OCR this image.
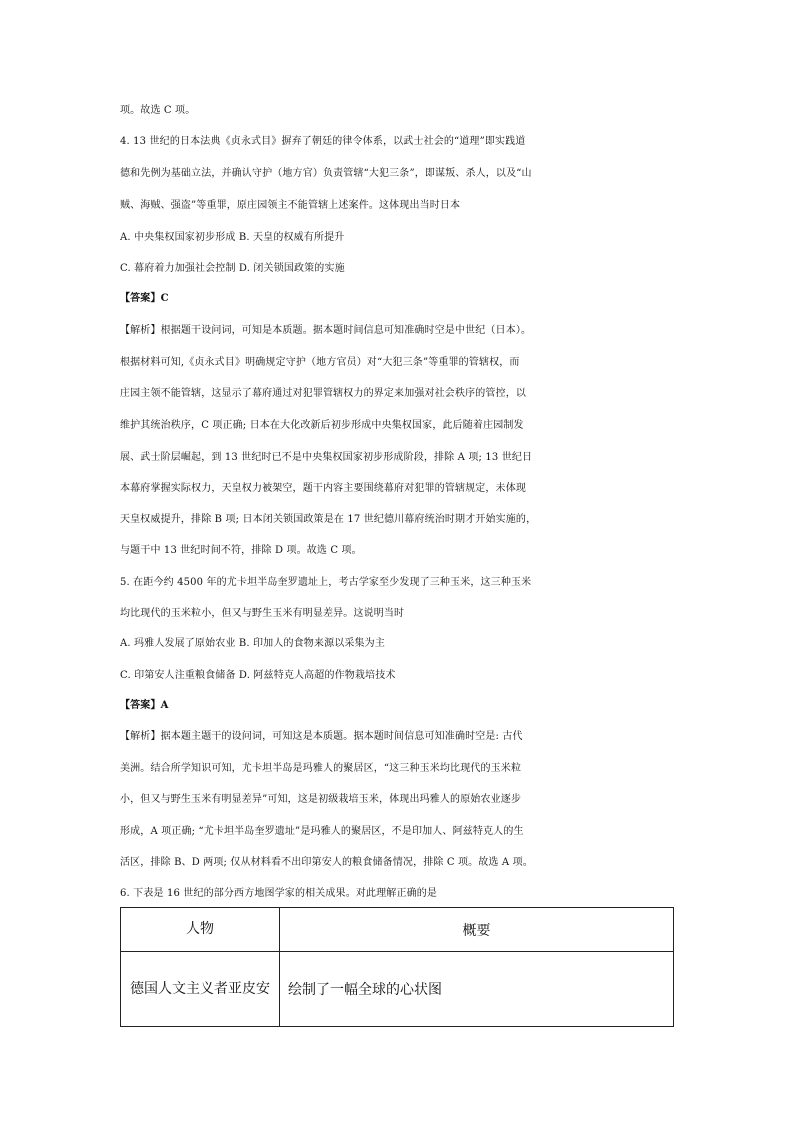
项。故选 C 项。
4. 13 世纪的日本法典《贞永式目》摒弃了朝廷的律令体系，以武士社会的“道理”即实践道
德和先例为基础立法，并确认守护（地方官）负责管辖“大犯三条”，即谋叛、杀人，以及“山
贼、海贼、强盗”等重罪，原庄园领主不能管辖上述案件。这体现出当时日本
A. 中央集权国家初步形成 B. 天皇的权威有所提升
C. 幕府着力加强社会控制 D. 闭关锁国政策的实施
【答案】C
【解析】根据题干设问词，可知是本质题。据本题时间信息可知准确时空是中世纪（日本）。
根据材料可知,《贞永式目》明确规定守护（地方官员）对“大犯三条”等重罪的管辖权，而
庄园主领不能管辖，这显示了幕府通过对犯罪管辖权力的界定来加强对社会秩序的管控，以
维护其统治秩序，C 项正确; 日本在大化改新后初步形成中央集权国家，此后随着庄园制发
展、武士阶层崛起，到 13 世纪时已不是中央集权国家初步形成阶段，排除 A 项; 13 世纪日
本幕府掌握实际权力，天皇权力被架空，题干内容主要围绕幕府对犯罪的管辖规定，未体现
天皇权威提升，排除 B 项; 日本闭关锁国政策是在 17 世纪德川幕府统治时期才开始实施的，
与题干中 13 世纪时间不符，排除 D 项。故选 C 项。
5. 在距今约 4500 年的尤卡坦半岛奎罗遗址上，考古学家至少发现了三种玉米，这三种玉米
均比现代的玉米粒小，但又与野生玉米有明显差异。这说明当时
A. 玛雅人发展了原始农业 B. 印加人的食物来源以采集为主
C. 印第安人注重粮食储备 D. 阿兹特克人高超的作物栽培技术
【答案】A
【解析】据本题主题干的设问词，可知这是本质题。据本题时间信息可知准确时空是: 古代
美洲。结合所学知识可知，尤卡坦半岛是玛雅人的聚居区，“这三种玉米均比现代的玉米粒
小，但又与野生玉米有明显差异”可知，这是初级栽培玉米，体现出玛雅人的原始农业逐步
形成，A 项正确; “尤卡坦半岛奎罗遗址”是玛雅人的聚居区，不是印加人、阿兹特克人的生
活区，排除 B、D 两项; 仅从材料看不出印第安人的粮食储备情况，排除 C 项。故选 A 项。
6. 下表是 16 世纪的部分西方地图学家的相关成果。对此理解正确的是
人物	概要
德国人文主义者亚皮安	绘制了一幅全球的心状图
